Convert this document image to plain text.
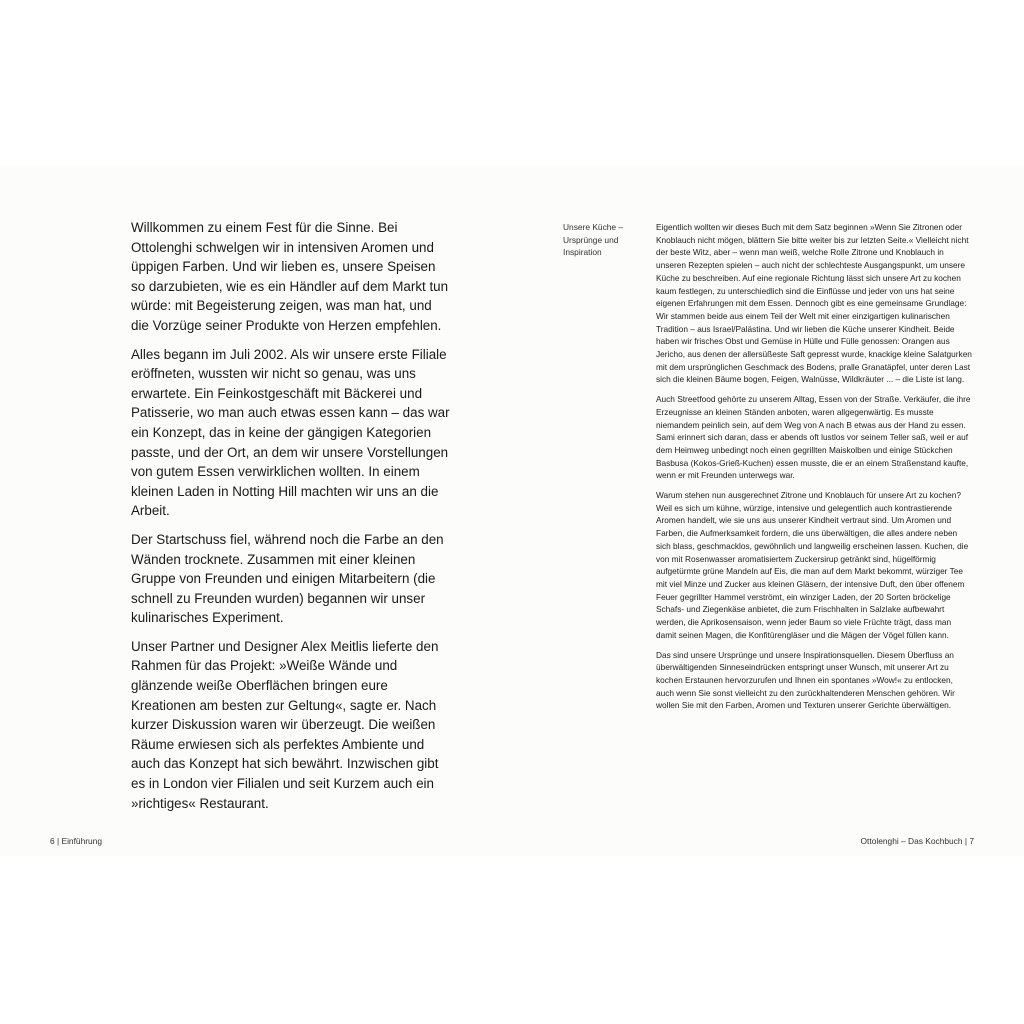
Willkommen zu einem Fest für die Sinne. Bei Ottolenghi schwelgen wir in intensiven Aromen und üppigen Farben. Und wir lieben es, unsere Speisen so darzubieten, wie es ein Händler auf dem Markt tun würde: mit Begeisterung zeigen, was man hat, und die Vorzüge seiner Produkte von Herzen empfehlen.

Alles begann im Juli 2002. Als wir unsere erste Filiale eröffneten, wussten wir nicht so genau, was uns erwartete. Ein Feinkostgeschäft mit Bäckerei und Patisserie, wo man auch etwas essen kann – das war ein Konzept, das in keine der gängigen Kategorien passte, und der Ort, an dem wir unsere Vorstellungen von gutem Essen verwirklichen wollten. In einem kleinen Laden in Notting Hill machten wir uns an die Arbeit.

Der Startschuss fiel, während noch die Farbe an den Wänden trocknete. Zusammen mit einer kleinen Gruppe von Freunden und einigen Mitarbeitern (die schnell zu Freunden wurden) begannen wir unser kulinarisches Experiment.

Unser Partner und Designer Alex Meitlis lieferte den Rahmen für das Projekt: »Weiße Wände und glänzende weiße Oberflächen bringen eure Kreationen am besten zur Geltung«, sagte er. Nach kurzer Diskussion waren wir überzeugt. Die weißen Räume erwiesen sich als perfektes Ambiente und auch das Konzept hat sich bewährt. Inzwischen gibt es in London vier Filialen und seit Kurzem auch ein »richtiges« Restaurant.

Unsere Küche – Ursprünge und Inspiration

Eigentlich wollten wir dieses Buch mit dem Satz beginnen »Wenn Sie Zitronen oder Knoblauch nicht mögen, blättern Sie bitte weiter bis zur letzten Seite.« Vielleicht nicht der beste Witz, aber – wenn man weiß, welche Rolle Zitrone und Knoblauch in unseren Rezepten spielen – auch nicht der schlechteste Ausgangspunkt, um unsere Küche zu beschreiben. Auf eine regionale Richtung lässt sich unsere Art zu kochen kaum festlegen, zu unterschiedlich sind die Einflüsse und jeder von uns hat seine eigenen Erfahrungen mit dem Essen. Dennoch gibt es eine gemeinsame Grundlage: Wir stammen beide aus einem Teil der Welt mit einer einzigartigen kulinarischen Tradition – aus Israel/Palästina. Und wir lieben die Küche unserer Kindheit. Beide haben wir frisches Obst und Gemüse in Hülle und Fülle genossen: Orangen aus Jericho, aus denen der allersüßeste Saft gepresst wurde, knackige kleine Salatgurken mit dem ursprünglichen Geschmack des Bodens, pralle Granatäpfel, unter deren Last sich die kleinen Bäume bogen, Feigen, Walnüsse, Wildkräuter ... – die Liste ist lang.

Auch Streetfood gehörte zu unserem Alltag, Essen von der Straße. Verkäufer, die ihre Erzeugnisse an kleinen Ständen anboten, waren allgegenwärtig. Es musste niemandem peinlich sein, auf dem Weg von A nach B etwas aus der Hand zu essen. Sami erinnert sich daran, dass er abends oft lustlos vor seinem Teller saß, weil er auf dem Heimweg unbedingt noch einen gegrillten Maiskolben und einige Stückchen Basbusa (Kokos-Grieß-Kuchen) essen musste, die er an einem Straßenstand kaufte, wenn er mit Freunden unterwegs war.

Warum stehen nun ausgerechnet Zitrone und Knoblauch für unsere Art zu kochen? Weil es sich um kühne, würzige, intensive und gelegentlich auch kontrastierende Aromen handelt, wie sie uns aus unserer Kindheit vertraut sind. Um Aromen und Farben, die Aufmerksamkeit fordern, die uns überwältigen, die alles andere neben sich blass, geschmacklos, gewöhnlich und langweilig erscheinen lassen. Kuchen, die von mit Rosenwasser aromatisiertem Zuckersirup getränkt sind, hügelförmig aufgetürmte grüne Mandeln auf Eis, die man auf dem Markt bekommt, würziger Tee mit viel Minze und Zucker aus kleinen Gläsern, der intensive Duft, den über offenem Feuer gegrillter Hammel verströmt, ein winziger Laden, der 20 Sorten bröckelige Schafs- und Ziegenkäse anbietet, die zum Frischhalten in Salzlake aufbewahrt werden, die Aprikosensaison, wenn jeder Baum so viele Früchte trägt, dass man damit seinen Magen, die Konfitürengläser und die Mägen der Vögel füllen kann.

Das sind unsere Ursprünge und unsere Inspirationsquellen. Diesem Überfluss an überwältigenden Sinneseindrücken entspringt unser Wunsch, mit unserer Art zu kochen Erstaunen hervorzurufen und Ihnen ein spontanes »Wow!« zu entlocken, auch wenn Sie sonst vielleicht zu den zurückhaltenderen Menschen gehören. Wir wollen Sie mit den Farben, Aromen und Texturen unserer Gerichte überwältigen.

6 | Einführung	Ottolenghi – Das Kochbuch | 7
